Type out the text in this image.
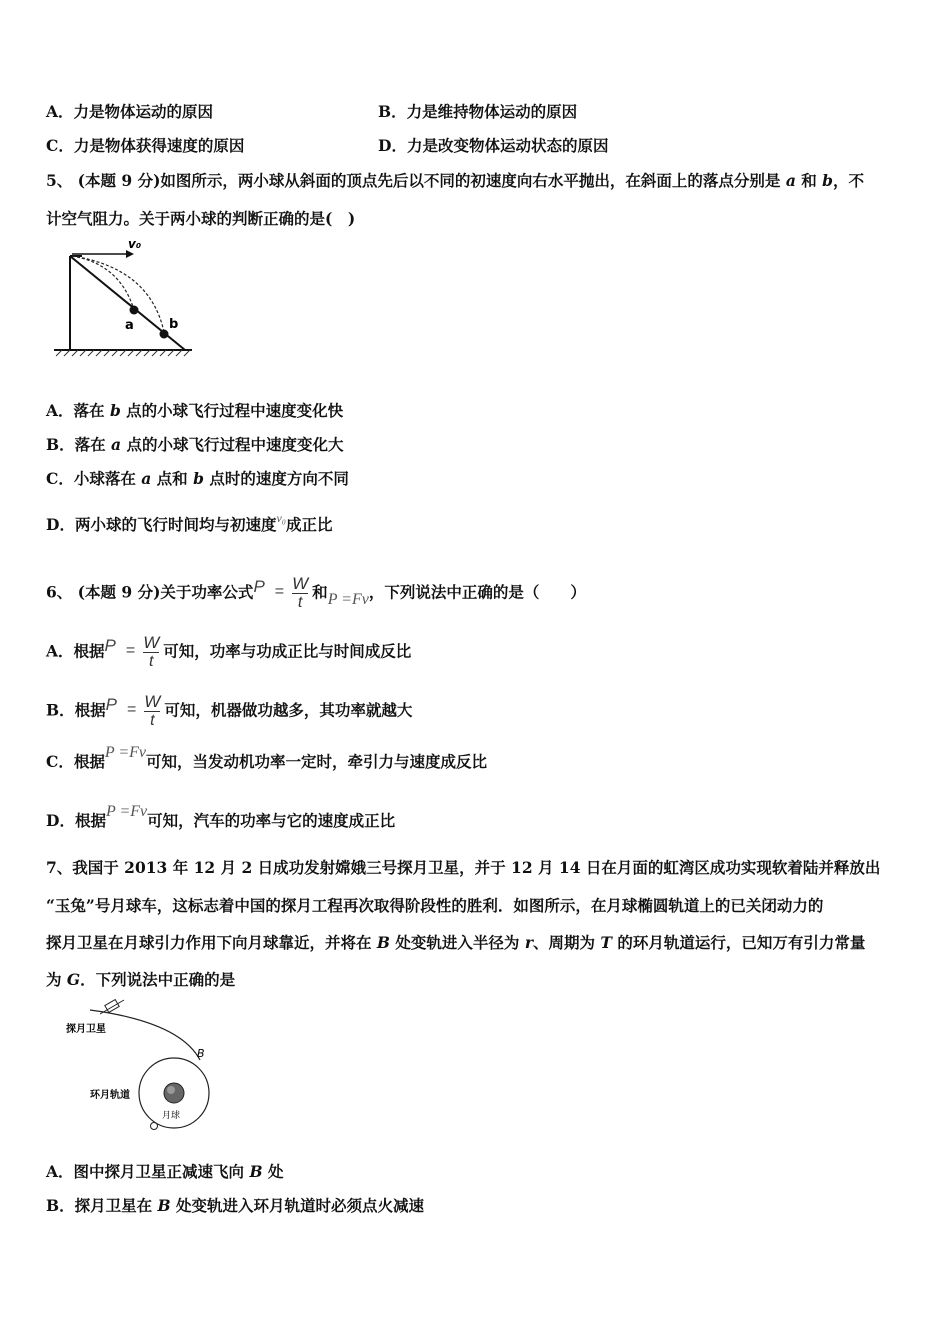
A．力是物体运动的原因	B．力是维持物体运动的原因
C．力是物体获得速度的原因	D．力是改变物体运动状态的原因
5、 (本题 9 分)如图所示，两小球从斜面的顶点先后以不同的初速度向右水平抛出，在斜面上的落点分别是 a 和 b，不
计空气阻力。关于两小球的判断正确的是(　)
v₀
a	b
A．落在 b 点的小球飞行过程中速度变化快
B．落在 a 点的小球飞行过程中速度变化大
C．小球落在 a 点和 b 点时的速度方向不同
D．两小球的飞行时间均与初速度$^{v_0}$成正比
6、 (本题 9 分)关于功率公式$P = \frac{W}{t}$ 和P =Fv，下列说法中正确的是（　　）
A．根据$P = \frac{W}{t}$ 可知，功率与功成正比与时间成反比
B．根据$P = \frac{W}{t}$ 可知，机器做功越多，其功率就越大
C．根据P =Fv可知，当发动机功率一定时，牵引力与速度成反比
D．根据P =Fv可知，汽车的功率与它的速度成正比
7、我国于 2013 年 12 月 2 日成功发射嫦娥三号探月卫星，并于 12 月 14 日在月面的虹湾区成功实现软着陆并释放出
“玉兔”号月球车，这标志着中国的探月工程再次取得阶段性的胜利．如图所示，在月球椭圆轨道上的已关闭动力的
探月卫星在月球引力作用下向月球靠近，并将在 B 处变轨进入半径为 r、周期为 T 的环月轨道运行，已知万有引力常量
为 G．下列说法中正确的是
探月卫星
环月轨道
月球
B
A．图中探月卫星正减速飞向 B 处
B．探月卫星在 B 处变轨进入环月轨道时必须点火减速
